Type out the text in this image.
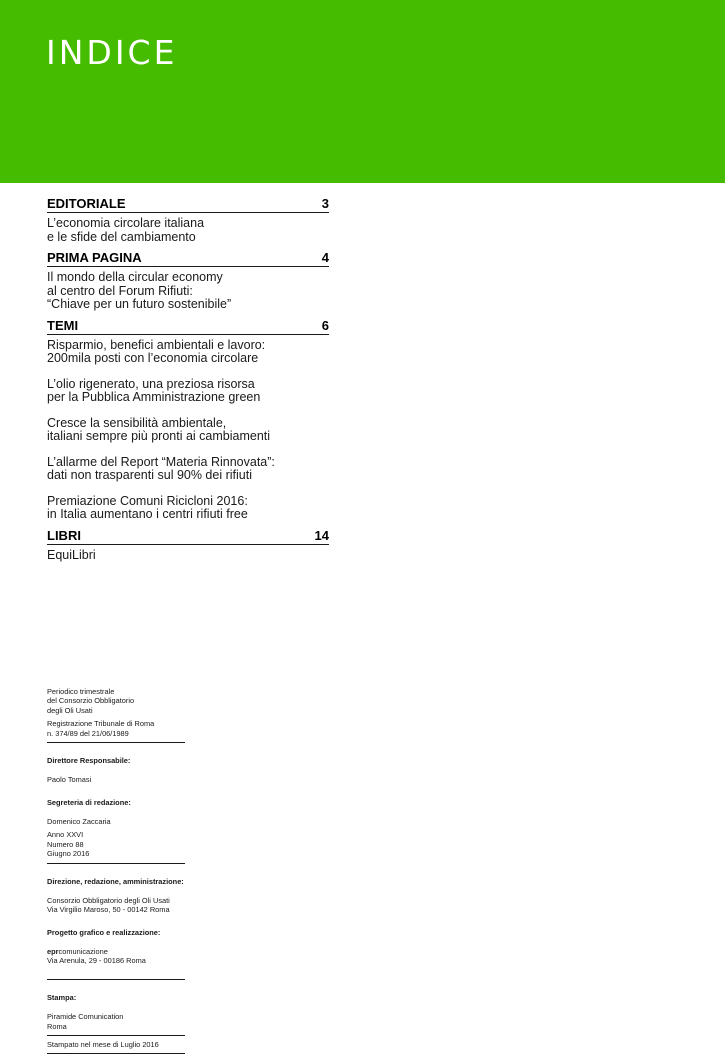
INDICE
EDITORIALE	3
L’economia circolare italiana
e le sfide del cambiamento
PRIMA PAGINA	4
Il mondo della circular economy
al centro del Forum Rifiuti:
“Chiave per un futuro sostenibile”
TEMI	6
Risparmio, benefici ambientali e lavoro:
200mila posti con l’economia circolare
L’olio rigenerato, una preziosa risorsa
per la Pubblica Amministrazione green
Cresce la sensibilità ambientale,
italiani sempre più pronti ai cambiamenti
L’allarme del Report “Materia Rinnovata”:
dati non trasparenti sul 90% dei rifiuti
Premiazione Comuni Ricicloni 2016:
in Italia aumentano i centri rifiuti free
LIBRI	14
EquiLibri
Periodico trimestrale
del Consorzio Obbligatorio
degli Oli Usati
Registrazione Tribunale di Roma
n. 374/89 del 21/06/1989

Direttore Responsabile:

Paolo Tomasi

Segreteria di redazione:

Domenico Zaccaria

Anno XXVI
Numero 88
Giugno 2016

Direzione, redazione, amministrazione:

Consorzio Obbligatorio degli Oli Usati
Via Virgilio Maroso, 50 - 00142 Roma

Progetto grafico e realizzazione:

eprcomunicazione

Via Arenula, 29 - 00186 Roma

Stampa:

Piramide Comunication
Roma

Stampato nel mese di Luglio 2016
